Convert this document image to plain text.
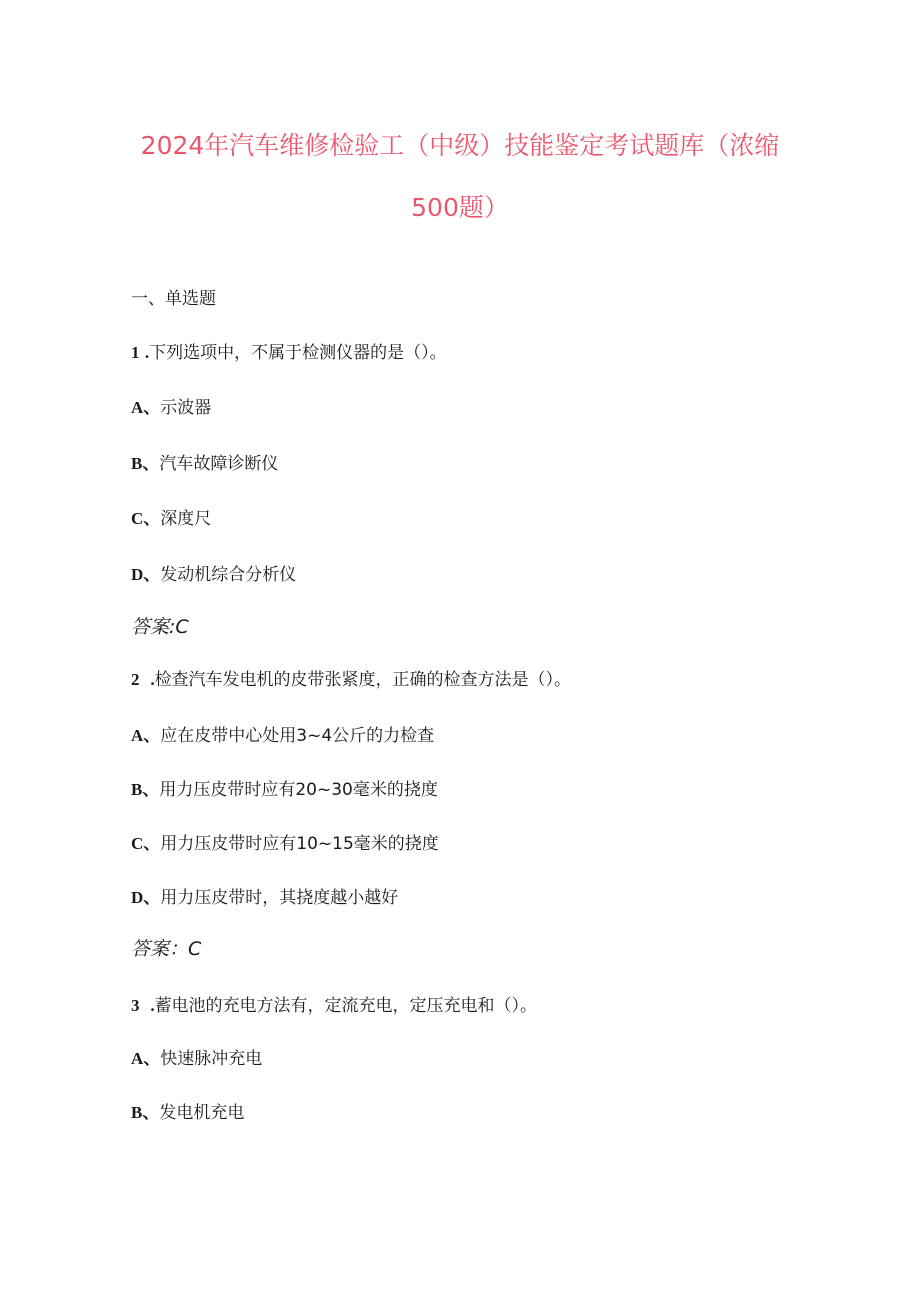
2024年汽车维修检验工（中级）技能鉴定考试题库（浓缩
500题）
一、单选题
1 .下列选项中，不属于检测仪器的是（）。
A、示波器
B、汽车故障诊断仪
C、深度尺
D、发动机综合分析仪
答案:C
2 .检查汽车发电机的皮带张紧度，正确的检查方法是（）。
A、应在皮带中心处用3~4公斤的力检查
B、用力压皮带时应有20~30毫米的挠度
C、用力压皮带时应有10~15毫米的挠度
D、用力压皮带时，其挠度越小越好
答案：C
3 .蓄电池的充电方法有，定流充电，定压充电和（）。
A、快速脉冲充电
B、发电机充电
